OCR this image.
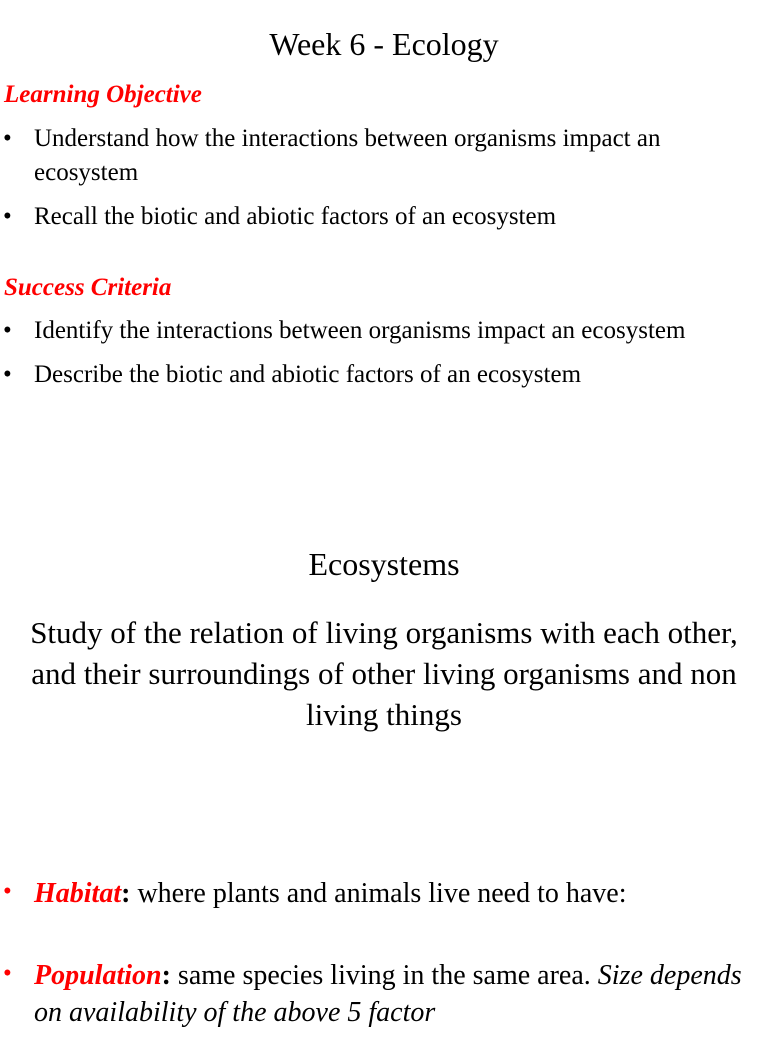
Week 6 - Ecology
Learning Objective
• Understand how the interactions between organisms impact an ecosystem
• Recall the biotic and abiotic factors of an ecosystem
Success Criteria
• Identify the interactions between organisms impact an ecosystem
• Describe the biotic and abiotic factors of an ecosystem
Ecosystems
Study of the relation of living organisms with each other, and their surroundings of other living organisms and non living things
• Habitat: where plants and animals live need to have:
• Population: same species living in the same area. Size depends on availability of the above 5 factor
